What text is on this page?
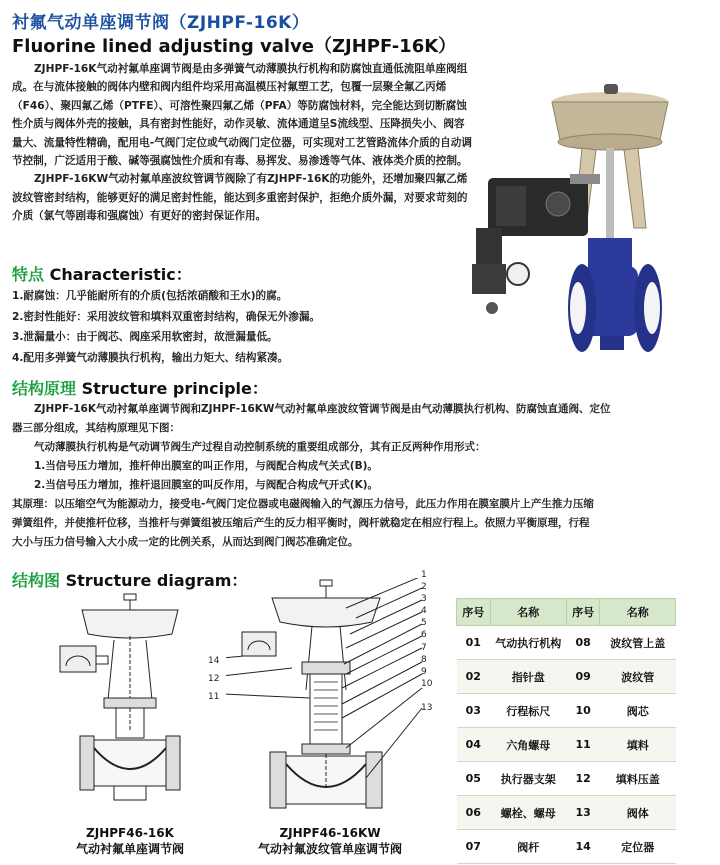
衬氟气动单座调节阀（ZJHPF-16K）
Fluorine lined adjusting valve（ZJHPF-16K）
ZJHPF-16K气动衬氟单座调节阀是由多弹簧气动薄膜执行机构和防腐蚀直通低流阻单座阀组成。在与流体接触的阀体内壁和阀内组件均采用高温模压衬氟塑工艺，包覆一层聚全氟乙丙烯（F46）、聚四氟乙烯（PTFE）、可溶性聚四氟乙烯（PFA）等防腐蚀材料，完全能达到切断腐蚀性介质与阀体外壳的接触，具有密封性能好，动作灵敏、流体通道呈S流线型、压降损失小、阀容量大、流量特性精确，配用电-气阀门定位或气动阀门定位器，可实现对工艺管路流体介质的自动调节控制，广泛适用于酸、碱等强腐蚀性介质和有毒、易挥发、易渗透等气体、液体类介质的控制。
ZJHPF-16KW气动衬氟单座波纹管调节阀除了有ZJHPF-16K的功能外，还增加聚四氟乙烯波纹管密封结构，能够更好的满足密封性能，能达到多重密封保护，拒绝介质外漏，对要求苛刻的介质（氯气等剧毒和强腐蚀）有更好的密封保证作用。
特点 Characteristic：
1.耐腐蚀：几乎能耐所有的介质(包括浓硝酸和王水)的腐。
2.密封性能好：采用波纹管和填料双重密封结构，确保无外渗漏。
3.泄漏量小：由于阀芯、阀座采用软密封，故泄漏量低。
4.配用多弹簧气动薄膜执行机构，输出力矩大、结构紧凑。
结构原理 Structure principle：
ZJHPF-16K气动衬氟单座调节阀和ZJHPF-16KW气动衬氟单座波纹管调节阀是由气动薄膜执行机构、防腐蚀直通阀、定位
器三部分组成，其结构原理见下图：
气动薄膜执行机构是气动调节阀生产过程自动控制系统的重要组成部分，其有正反两种作用形式：
1.当信号压力增加，推杆伸出膜室的叫正作用，与阀配合构成气关式(B)。
2.当信号压力增加，推杆退回膜室的叫反作用，与阀配合构成气开式(K)。
其原理：以压缩空气为能源动力，接受电-气阀门定位器或电磁阀输入的气源压力信号，此压力作用在膜室膜片上产生推力压缩
弹簧组件，并使推杆位移，当推杆与弹簧组被压缩后产生的反力相平衡时，阀杆就稳定在相应行程上。依照力平衡原理，行程
大小与压力信号输入大小成一定的比例关系，从而达到阀门阀芯准确定位。
结构图 Structure diagram：	1
2
3
4
5
6
7
8
9
10
13
14
12
11
ZJHPF46-16K
气动衬氟单座调节阀
ZJHPF46-16KW
气动衬氟波纹管单座调节阀
序号	名称	序号	名称
01	气动执行机构	08	波纹管上盖
02	指针盘	09	波纹管
03	行程标尺	10	阀芯
04	六角螺母	11	填料
05	执行器支架	12	填料压盖
06	螺栓、螺母	13	阀体
07	阀杆	14	定位器
